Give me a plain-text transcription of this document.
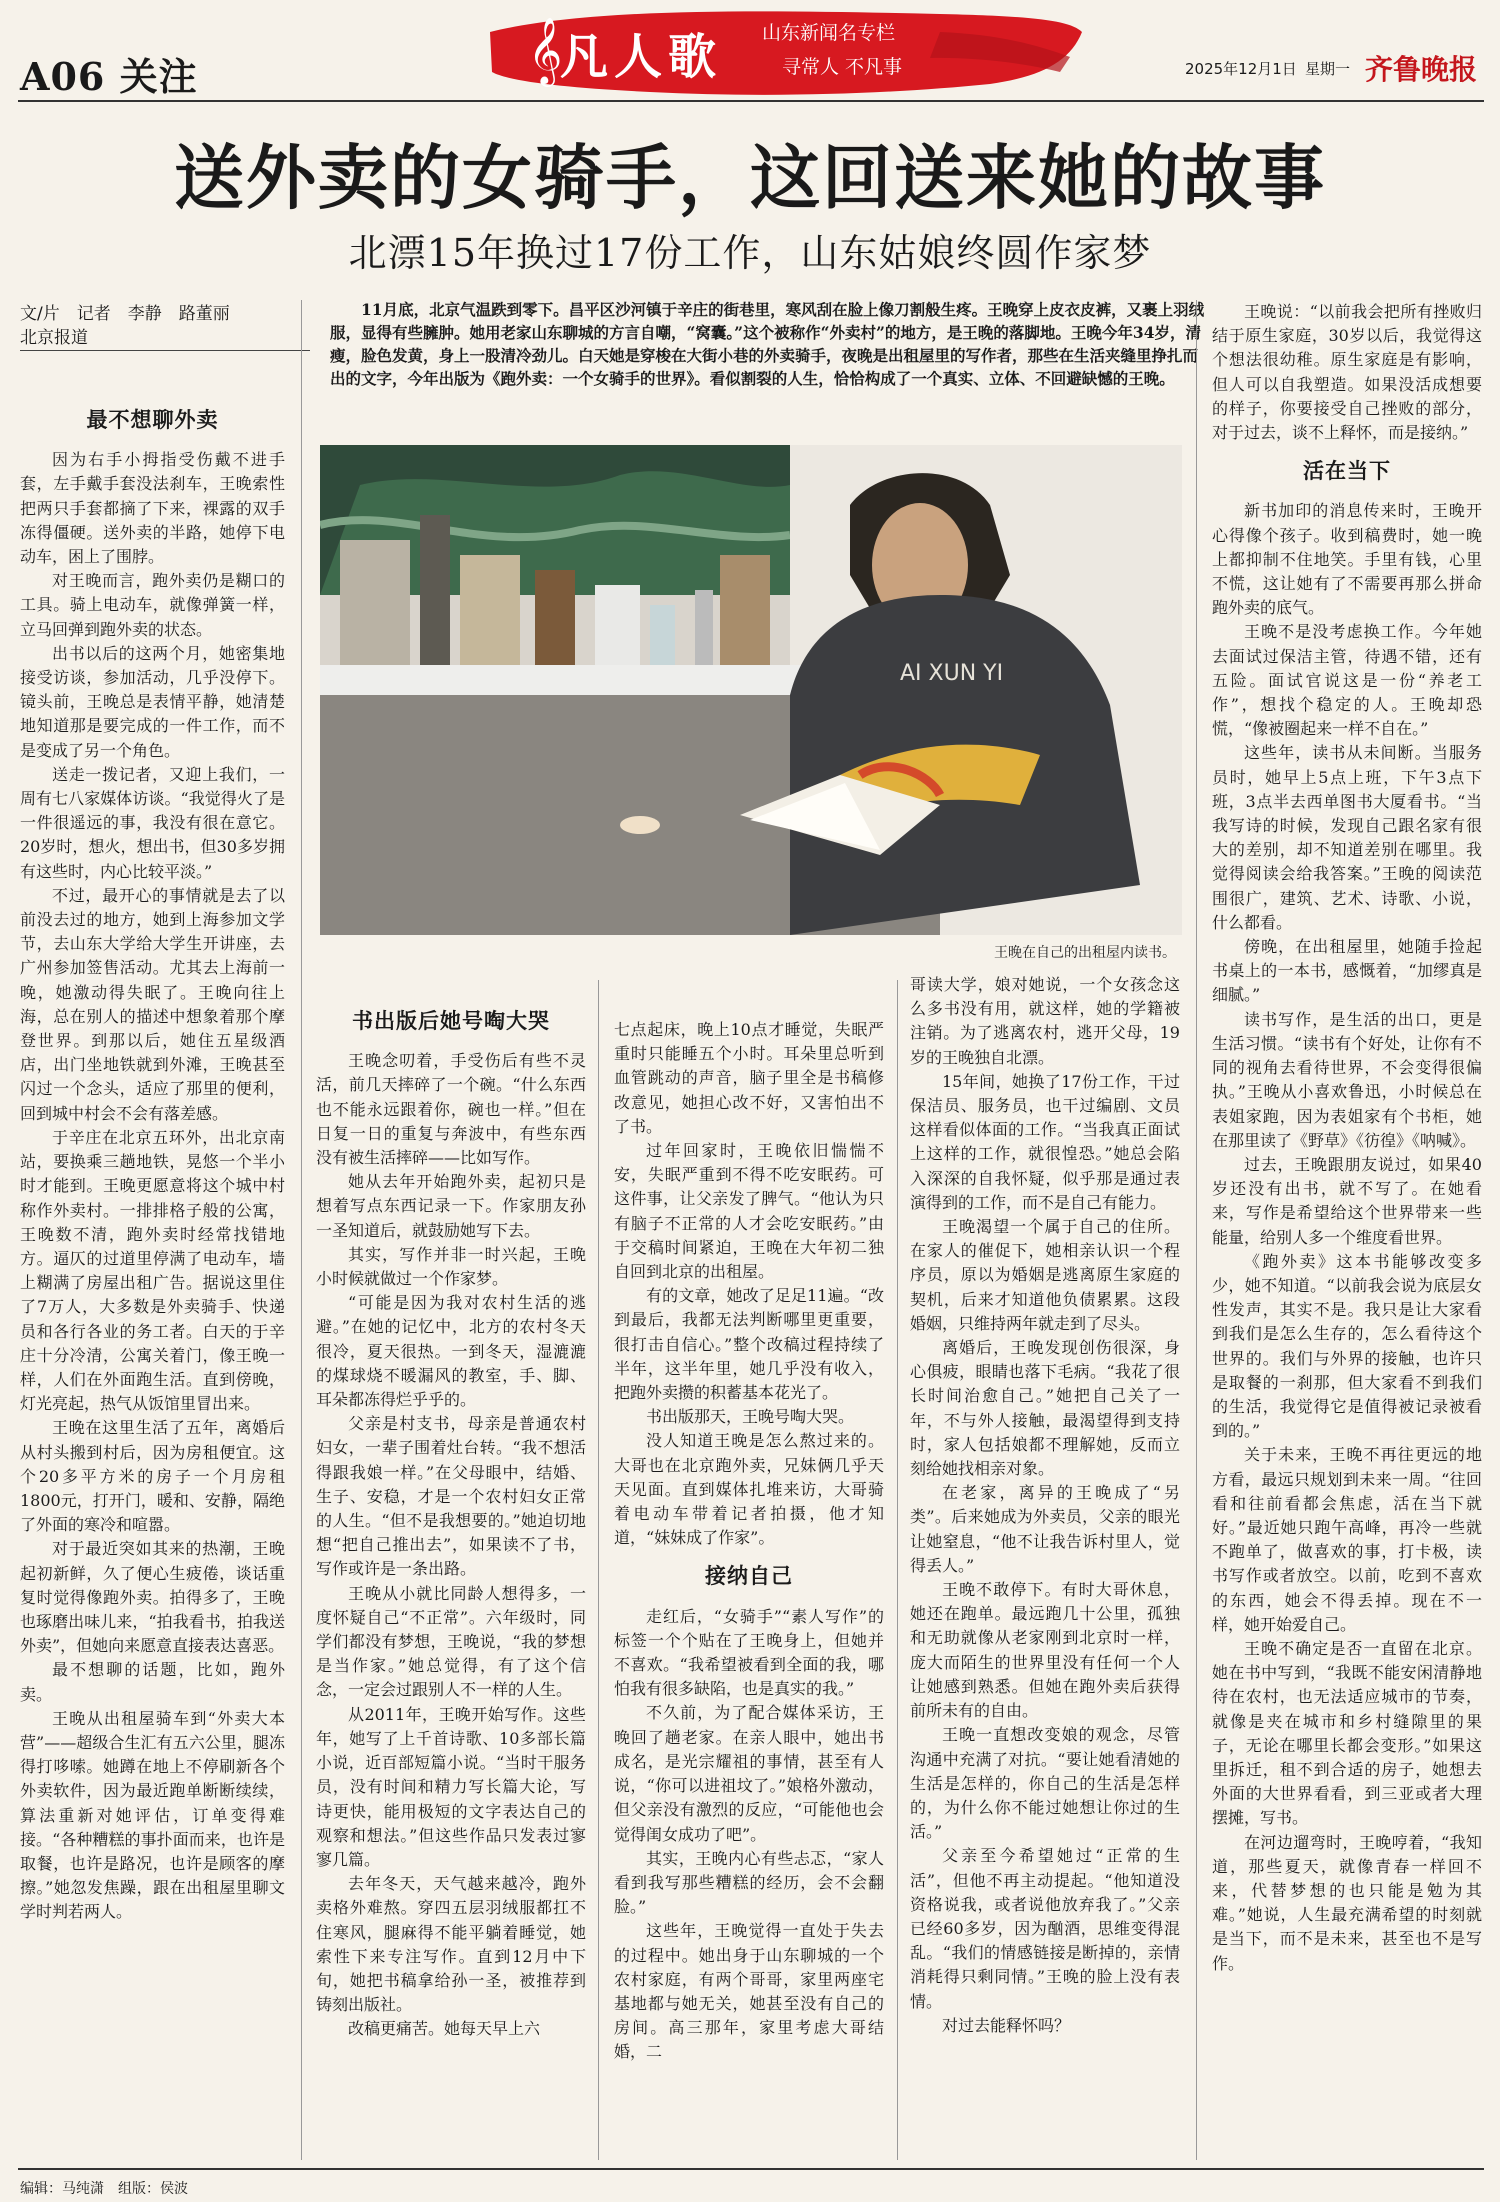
A06 关注	𝄞
凡人歌 山东新闻名专栏
寻常人 不凡事	2025年12月1日 星期一 齐鲁晚报
送外卖的女骑手，这回送来她的故事
北漂15年换过17份工作，山东姑娘终圆作家梦
文/片　记者　李静　路董丽
北京报道

11月底，北京气温跌到零下。昌平区沙河镇于辛庄的街巷里，寒风刮在脸上像刀割般生疼。王晚穿上皮衣皮裤，又裹上羽绒服，显得有些臃肿。她用老家山东聊城的方言自嘲，“窝囊。”这个被称作“外卖村”的地方，是王晚的落脚地。王晚今年34岁，清瘦，脸色发黄，身上一股清冷劲儿。白天她是穿梭在大街小巷的外卖骑手，夜晚是出租屋里的写作者，那些在生活夹缝里挣扎而出的文字，今年出版为《跑外卖：一个女骑手的世界》。看似割裂的人生，恰恰构成了一个真实、立体、不回避缺憾的王晚。

AI XUN YI
王晚在自己的出租屋内读书。
最不想聊外卖

因为右手小拇指受伤戴不进手套，左手戴手套没法刹车，王晚索性把两只手套都摘了下来，裸露的双手冻得僵硬。送外卖的半路，她停下电动车，困上了围脖。

对王晚而言，跑外卖仍是糊口的工具。骑上电动车，就像弹簧一样，立马回弹到跑外卖的状态。

出书以后的这两个月，她密集地接受访谈，参加活动，几乎没停下。镜头前，王晚总是表情平静，她清楚地知道那是要完成的一件工作，而不是变成了另一个角色。

送走一拨记者，又迎上我们，一周有七八家媒体访谈。“我觉得火了是一件很遥远的事，我没有很在意它。20岁时，想火，想出书，但30多岁拥有这些时，内心比较平淡。”

不过，最开心的事情就是去了以前没去过的地方，她到上海参加文学节，去山东大学给大学生开讲座，去广州参加签售活动。尤其去上海前一晚，她激动得失眠了。王晚向往上海，总在别人的描述中想象着那个摩登世界。到那以后，她住五星级酒店，出门坐地铁就到外滩，王晚甚至闪过一个念头，适应了那里的便利，回到城中村会不会有落差感。

于辛庄在北京五环外，出北京南站，要换乘三趟地铁，晃悠一个半小时才能到。王晚更愿意将这个城中村称作外卖村。一排排格子般的公寓，王晚数不清，跑外卖时经常找错地方。逼仄的过道里停满了电动车，墙上糊满了房屋出租广告。据说这里住了7万人，大多数是外卖骑手、快递员和各行各业的务工者。白天的于辛庄十分冷清，公寓关着门，像王晚一样，人们在外面跑生活。直到傍晚，灯光亮起，热气从饭馆里冒出来。

王晚在这里生活了五年，离婚后从村头搬到村后，因为房租便宜。这个20多平方米的房子一个月房租1800元，打开门，暖和、安静，隔绝了外面的寒冷和喧嚣。

对于最近突如其来的热潮，王晚起初新鲜，久了便心生疲倦，谈话重复时觉得像跑外卖。拍得多了，王晚也琢磨出味儿来，“拍我看书，拍我送外卖”，但她向来愿意直接表达喜恶。

最不想聊的话题，比如，跑外卖。

王晚从出租屋骑车到“外卖大本营”——超级合生汇有五六公里，腿冻得打哆嗦。她蹲在地上不停刷新各个外卖软件，因为最近跑单断断续续，算法重新对她评估，订单变得难接。“各种糟糕的事扑面而来，也许是取餐，也许是路况，也许是顾客的摩擦。”她忽发焦躁，跟在出租屋里聊文学时判若两人。

书出版后她号啕大哭

王晚念叨着，手受伤后有些不灵活，前几天摔碎了一个碗。“什么东西也不能永远跟着你，碗也一样。”但在日复一日的重复与奔波中，有些东西没有被生活摔碎——比如写作。

她从去年开始跑外卖，起初只是想着写点东西记录一下。作家朋友孙一圣知道后，就鼓励她写下去。

其实，写作并非一时兴起，王晚小时候就做过一个作家梦。

“可能是因为我对农村生活的逃避。”在她的记忆中，北方的农村冬天很冷，夏天很热。一到冬天，湿漉漉的煤球烧不暖漏风的教室，手、脚、耳朵都冻得烂乎乎的。

父亲是村支书，母亲是普通农村妇女，一辈子围着灶台转。“我不想活得跟我娘一样。”在父母眼中，结婚、生子、安稳，才是一个农村妇女正常的人生。“但不是我想要的。”她迫切地想“把自己推出去”，如果读不了书，写作或许是一条出路。

王晚从小就比同龄人想得多，一度怀疑自己“不正常”。六年级时，同学们都没有梦想，王晚说，“我的梦想是当作家。”她总觉得，有了这个信念，一定会过跟别人不一样的人生。

从2011年，王晚开始写作。这些年，她写了上千首诗歌、10多部长篇小说，近百部短篇小说。“当时干服务员，没有时间和精力写长篇大论，写诗更快，能用极短的文字表达自己的观察和想法。”但这些作品只发表过寥寥几篇。

去年冬天，天气越来越冷，跑外卖格外难熬。穿四五层羽绒服都扛不住寒风，腿麻得不能平躺着睡觉，她索性下来专注写作。直到12月中下旬，她把书稿拿给孙一圣，被推荐到铸刻出版社。

改稿更痛苦。她每天早上六

七点起床，晚上10点才睡觉，失眠严重时只能睡五个小时。耳朵里总听到血管跳动的声音，脑子里全是书稿修改意见，她担心改不好，又害怕出不了书。

过年回家时，王晚依旧惴惴不安，失眠严重到不得不吃安眠药。可这件事，让父亲发了脾气。“他认为只有脑子不正常的人才会吃安眠药。”由于交稿时间紧迫，王晚在大年初二独自回到北京的出租屋。

有的文章，她改了足足11遍。“改到最后，我都无法判断哪里更重要，很打击自信心。”整个改稿过程持续了半年，这半年里，她几乎没有收入，把跑外卖攒的积蓄基本花光了。

书出版那天，王晚号啕大哭。

没人知道王晚是怎么熬过来的。大哥也在北京跑外卖，兄妹俩几乎天天见面。直到媒体扎堆来访，大哥骑着电动车带着记者拍摄，他才知道，“妹妹成了作家”。

接纳自己

走红后，“女骑手”“素人写作”的标签一个个贴在了王晚身上，但她并不喜欢。“我希望被看到全面的我，哪怕我有很多缺陷，也是真实的我。”

不久前，为了配合媒体采访，王晚回了趟老家。在亲人眼中，她出书成名，是光宗耀祖的事情，甚至有人说，“你可以进祖坟了。”娘格外激动，但父亲没有激烈的反应，“可能他也会觉得闺女成功了吧”。

其实，王晚内心有些忐忑，“家人看到我写那些糟糕的经历，会不会翻脸。”

这些年，王晚觉得一直处于失去的过程中。她出身于山东聊城的一个农村家庭，有两个哥哥，家里两座宅基地都与她无关，她甚至没有自己的房间。高三那年，家里考虑大哥结婚，二

哥读大学，娘对她说，一个女孩念这么多书没有用，就这样，她的学籍被注销。为了逃离农村，逃开父母，19岁的王晚独自北漂。

15年间，她换了17份工作，干过保洁员、服务员，也干过编剧、文员这样看似体面的工作。“当我真正面试上这样的工作，就很惶恐。”她总会陷入深深的自我怀疑，似乎那是通过表演得到的工作，而不是自己有能力。

王晚渴望一个属于自己的住所。在家人的催促下，她相亲认识一个程序员，原以为婚姻是逃离原生家庭的契机，后来才知道他负债累累。这段婚姻，只维持两年就走到了尽头。

离婚后，王晚发现创伤很深，身心俱疲，眼睛也落下毛病。“我花了很长时间治愈自己。”她把自己关了一年，不与外人接触，最渴望得到支持时，家人包括娘都不理解她，反而立刻给她找相亲对象。

在老家，离异的王晚成了“另类”。后来她成为外卖员，父亲的眼光让她窒息，“他不让我告诉村里人，觉得丢人。”

王晚不敢停下。有时大哥休息，她还在跑单。最远跑几十公里，孤独和无助就像从老家刚到北京时一样，庞大而陌生的世界里没有任何一个人让她感到熟悉。但她在跑外卖后获得前所未有的自由。

王晚一直想改变娘的观念，尽管沟通中充满了对抗。“要让她看清她的生活是怎样的，你自己的生活是怎样的，为什么你不能过她想让你过的生活。”

父亲至今希望她过“正常的生活”，但他不再主动提起。“他知道没资格说我，或者说他放弃我了。”父亲已经60多岁，因为酗酒，思维变得混乱。“我们的情感链接是断掉的，亲情消耗得只剩同情。”王晚的脸上没有表情。

对过去能释怀吗？

王晚说：“以前我会把所有挫败归结于原生家庭，30岁以后，我觉得这个想法很幼稚。原生家庭是有影响，但人可以自我塑造。如果没活成想要的样子，你要接受自己挫败的部分，对于过去，谈不上释怀，而是接纳。”

活在当下

新书加印的消息传来时，王晚开心得像个孩子。收到稿费时，她一晚上都抑制不住地笑。手里有钱，心里不慌，这让她有了不需要再那么拼命跑外卖的底气。

王晚不是没考虑换工作。今年她去面试过保洁主管，待遇不错，还有五险。面试官说这是一份“养老工作”，想找个稳定的人。王晚却恐慌，“像被圈起来一样不自在。”

这些年，读书从未间断。当服务员时，她早上5点上班，下午3点下班，3点半去西单图书大厦看书。“当我写诗的时候，发现自己跟名家有很大的差别，却不知道差别在哪里。我觉得阅读会给我答案。”王晚的阅读范围很广，建筑、艺术、诗歌、小说，什么都看。

傍晚，在出租屋里，她随手捡起书桌上的一本书，感慨着，“加缪真是细腻。”

读书写作，是生活的出口，更是生活习惯。“读书有个好处，让你有不同的视角去看待世界，不会变得很偏执。”王晚从小喜欢鲁迅，小时候总在表姐家跑，因为表姐家有个书柜，她在那里读了《野草》《彷徨》《呐喊》。

过去，王晚跟朋友说过，如果40岁还没有出书，就不写了。在她看来，写作是希望给这个世界带来一些能量，给别人多一个维度看世界。

《跑外卖》这本书能够改变多少，她不知道。“以前我会说为底层女性发声，其实不是。我只是让大家看到我们是怎么生存的，怎么看待这个世界的。我们与外界的接触，也许只是取餐的一刹那，但大家看不到我们的生活，我觉得它是值得被记录被看到的。”

关于未来，王晚不再往更远的地方看，最远只规划到未来一周。“往回看和往前看都会焦虑，活在当下就好。”最近她只跑午高峰，再冷一些就不跑单了，做喜欢的事，打卡极，读书写作或者放空。以前，吃到不喜欢的东西，她会不得丢掉。现在不一样，她开始爱自己。

王晚不确定是否一直留在北京。她在书中写到，“我既不能安闲清静地待在农村，也无法适应城市的节奏，就像是夹在城市和乡村缝隙里的果子，无论在哪里长都会变形。”如果这里拆迁，租不到合适的房子，她想去外面的大世界看看，到三亚或者大理摆摊，写书。

在河边遛弯时，王晚哼着，“我知道，那些夏天，就像青春一样回不来，代替梦想的也只能是勉为其难。”她说，人生最充满希望的时刻就是当下，而不是未来，甚至也不是写作。

编辑：马纯潇　组版：侯波
